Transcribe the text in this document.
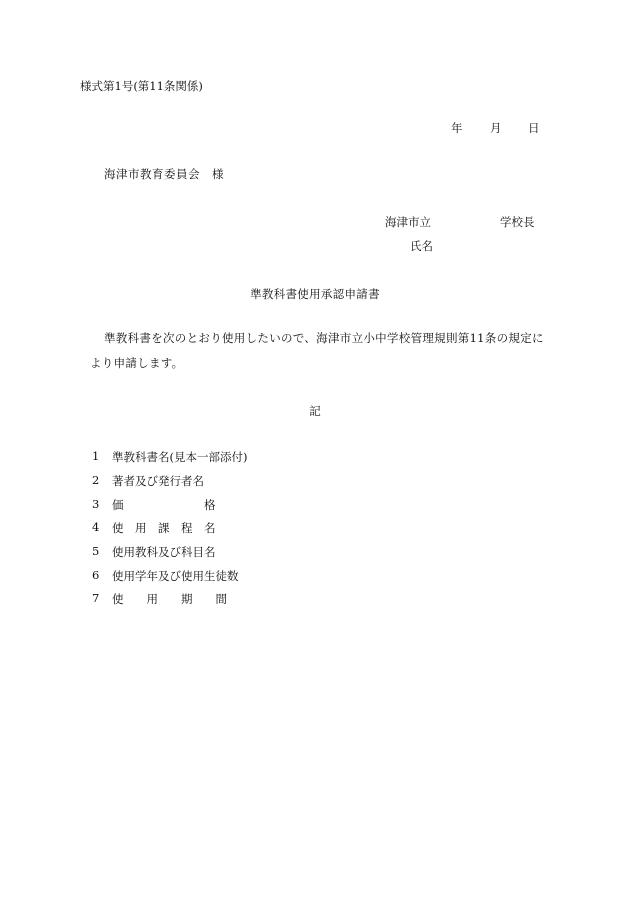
様式第1号(第11条関係)
年 月 日
海津市教育委員会　様
海津市立	学校長
氏名
準教科書使用承認申請書
準教科書を次のとおり使用したいので、海津市立小中学校管理規則第11条の規定により申請します。
記
1	準教科書名(見本一部添付)
2	著者及び発行者名
3	価　　　　　　　格
4	使　用　課　程　名
5	使用教科及び科目名
6	使用学年及び使用生徒数
7	使　　用　　期　　間
